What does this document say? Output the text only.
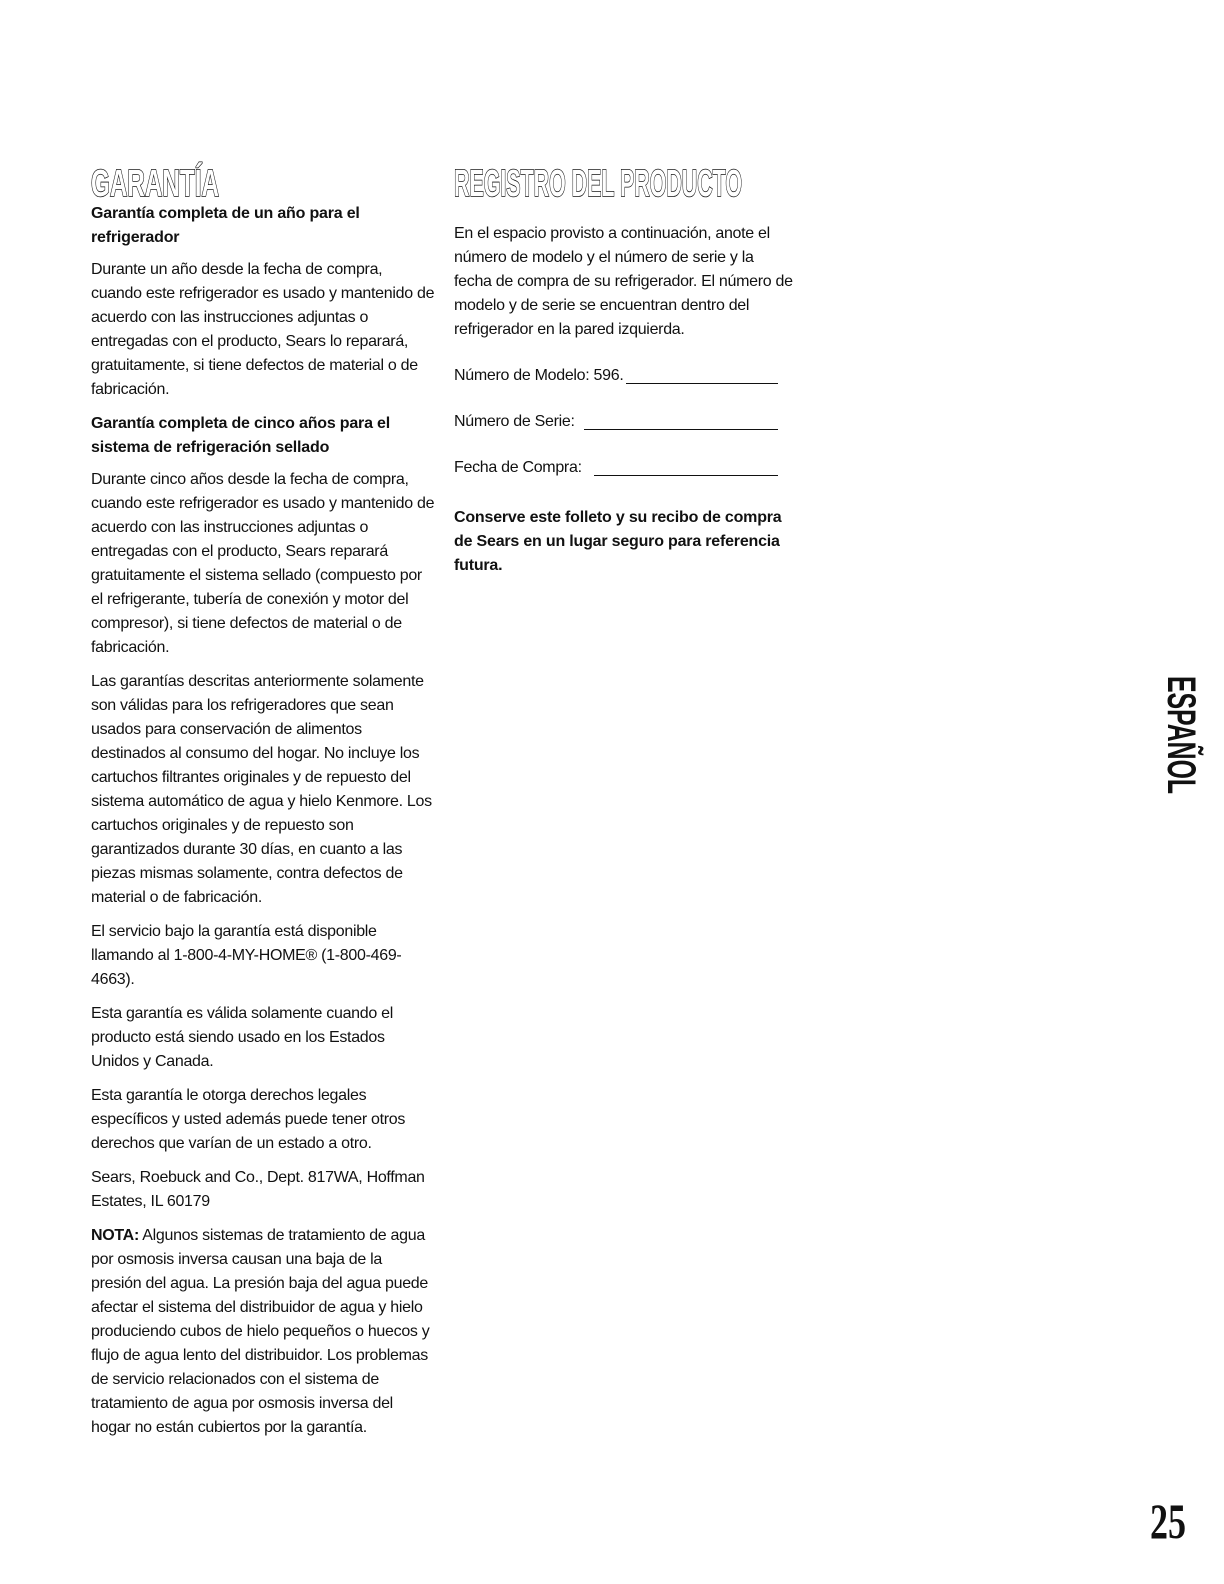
GARANTÍA

Garantía completa de un año para el refrigerador

Durante un año desde la fecha de compra, cuando este refrigerador es usado y mantenido de acuerdo con las instrucciones adjuntas o entregadas con el producto, Sears lo reparará, gratuitamente, si tiene defectos de material o de fabricación.

Garantía completa de cinco años para el sistema de refrigeración sellado

Durante cinco años desde la fecha de compra, cuando este refrigerador es usado y mantenido de acuerdo con las instrucciones adjuntas o entregadas con el producto, Sears reparará gratuitamente el sistema sellado (compuesto por el refrigerante, tubería de conexión y motor del compresor), si tiene defectos de material o de fabricación.

Las garantías descritas anteriormente solamente son válidas para los refrigeradores que sean usados para conservación de alimentos destinados al consumo del hogar. No incluye los cartuchos filtrantes originales y de repuesto del sistema automático de agua y hielo Kenmore. Los cartuchos originales y de repuesto son garantizados durante 30 días, en cuanto a las piezas mismas solamente, contra defectos de material o de fabricación.

El servicio bajo la garantía está disponible llamando al 1-800-4-MY-HOME® (1-800-469-4663).

Esta garantía es válida solamente cuando el producto está siendo usado en los Estados Unidos y Canada.

Esta garantía le otorga derechos legales específicos y usted además puede tener otros derechos que varían de un estado a otro.

Sears, Roebuck and Co., Dept. 817WA, Hoffman Estates, IL 60179

NOTA: Algunos sistemas de tratamiento de agua por osmosis inversa causan una baja de la presión del agua. La presión baja del agua puede afectar el sistema del distribuidor de agua y hielo produciendo cubos de hielo pequeños o huecos y flujo de agua lento del distribuidor. Los problemas de servicio relacionados con el sistema de tratamiento de agua por osmosis inversa del hogar no están cubiertos por la garantía.

REGISTRO DEL PRODUCTO

En el espacio provisto a continuación, anote el número de modelo y el número de serie y la fecha de compra de su refrigerador. El número de modelo y de serie se encuentran dentro del refrigerador en la pared izquierda.

Número de Modelo: 596.
Número de Serie:
Fecha de Compra:

Conserve este folleto y su recibo de compra de Sears en un lugar seguro para referencia futura.

ESPAÑOL
25
